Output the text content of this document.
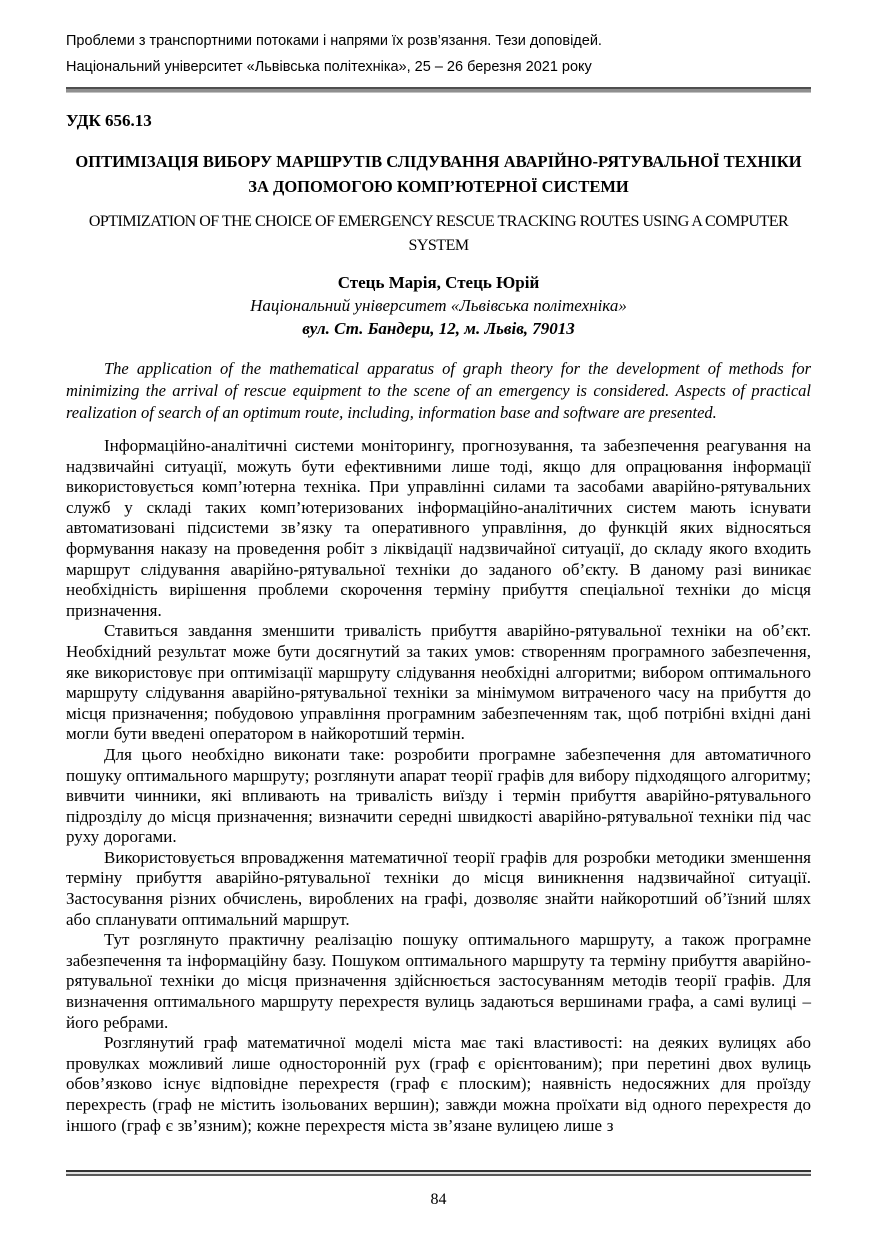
Проблеми з транспортними потоками і напрями їх розв’язання. Тези доповідей.
Національний університет «Львівська політехніка», 25 – 26 березня 2021 року

УДК 656.13

ОПТИМІЗАЦІЯ ВИБОРУ МАРШРУТІВ СЛІДУВАННЯ АВАРІЙНО-РЯТУВАЛЬНОЇ ТЕХНІКИ ЗА ДОПОМОГОЮ КОМП’ЮТЕРНОЇ СИСТЕМИ
OPTIMIZATION OF THE CHOICE OF EMERGENCY RESCUE TRACKING ROUTES USING A COMPUTER SYSTEM

Стець Марія, Стець Юрій

Національний університет «Львівська політехніка»

вул. Ст. Бандери, 12, м. Львів, 79013

The application of the mathematical apparatus of graph theory for the development of methods for minimizing the arrival of rescue equipment to the scene of an emergency is considered. Aspects of practical realization of search of an optimum route, including, information base and software are presented.

Інформаційно-аналітичні системи моніторингу, прогнозування, та забезпечення реагування на надзвичайні ситуації, можуть бути ефективними лише тоді, якщо для опрацювання інформації використовується комп’ютерна техніка. При управлінні силами та засобами аварійно-рятувальних служб у складі таких комп’ютеризованих інформаційно-аналітичних систем мають існувати автоматизовані підсистеми зв’язку та оперативного управління, до функцій яких відносяться формування наказу на проведення робіт з ліквідації надзвичайної ситуації, до складу якого входить маршрут слідування аварійно-рятувальної техніки до заданого об’єкту. В даному разі виникає необхідність вирішення проблеми скорочення терміну прибуття спеціальної техніки до місця призначення.

Ставиться завдання зменшити тривалість прибуття аварійно-рятувальної техніки на об’єкт. Необхідний результат може бути досягнутий за таких умов: створенням програмного забезпечення, яке використовує при оптимізації маршруту слідування необхідні алгоритми; вибором оптимального маршруту слідування аварійно-рятувальної техніки за мінімумом витраченого часу на прибуття до місця призначення; побудовою управління програмним забезпеченням так, щоб потрібні вхідні дані могли бути введені оператором в найкоротший термін.

Для цього необхідно виконати таке: розробити програмне забезпечення для автоматичного пошуку оптимального маршруту; розглянути апарат теорії графів для вибору підходящого алгоритму; вивчити чинники, які впливають на тривалість виїзду і термін прибуття аварійно-рятувального підрозділу до місця призначення; визначити середні швидкості аварійно-рятувальної техніки під час руху дорогами.

Використовується впровадження математичної теорії графів для розробки методики зменшення терміну прибуття аварійно-рятувальної техніки до місця виникнення надзвичайної ситуації. Застосування різних обчислень, вироблених на графі, дозволяє знайти найкоротший об’їзний шлях або спланувати оптимальний маршрут.

Тут розглянуто практичну реалізацію пошуку оптимального маршруту, а також програмне забезпечення та інформаційну базу. Пошуком оптимального маршруту та терміну прибуття аварійно-рятувальної техніки до місця призначення здійснюється застосуванням методів теорії графів. Для визначення оптимального маршруту перехрестя вулиць задаються вершинами графа, а самі вулиці – його ребрами.

Розглянутий граф математичної моделі міста має такі властивості: на деяких вулицях або провулках можливий лише односторонній рух (граф є орієнтованим); при перетині двох вулиць обов’язково існує відповідне перехрестя (граф є плоским); наявність недосяжних для проїзду перехресть (граф не містить ізольованих вершин); завжди можна проїхати від одного перехрестя до іншого (граф є зв’язним); кожне перехрестя міста зв’язане вулицею лише з

84
